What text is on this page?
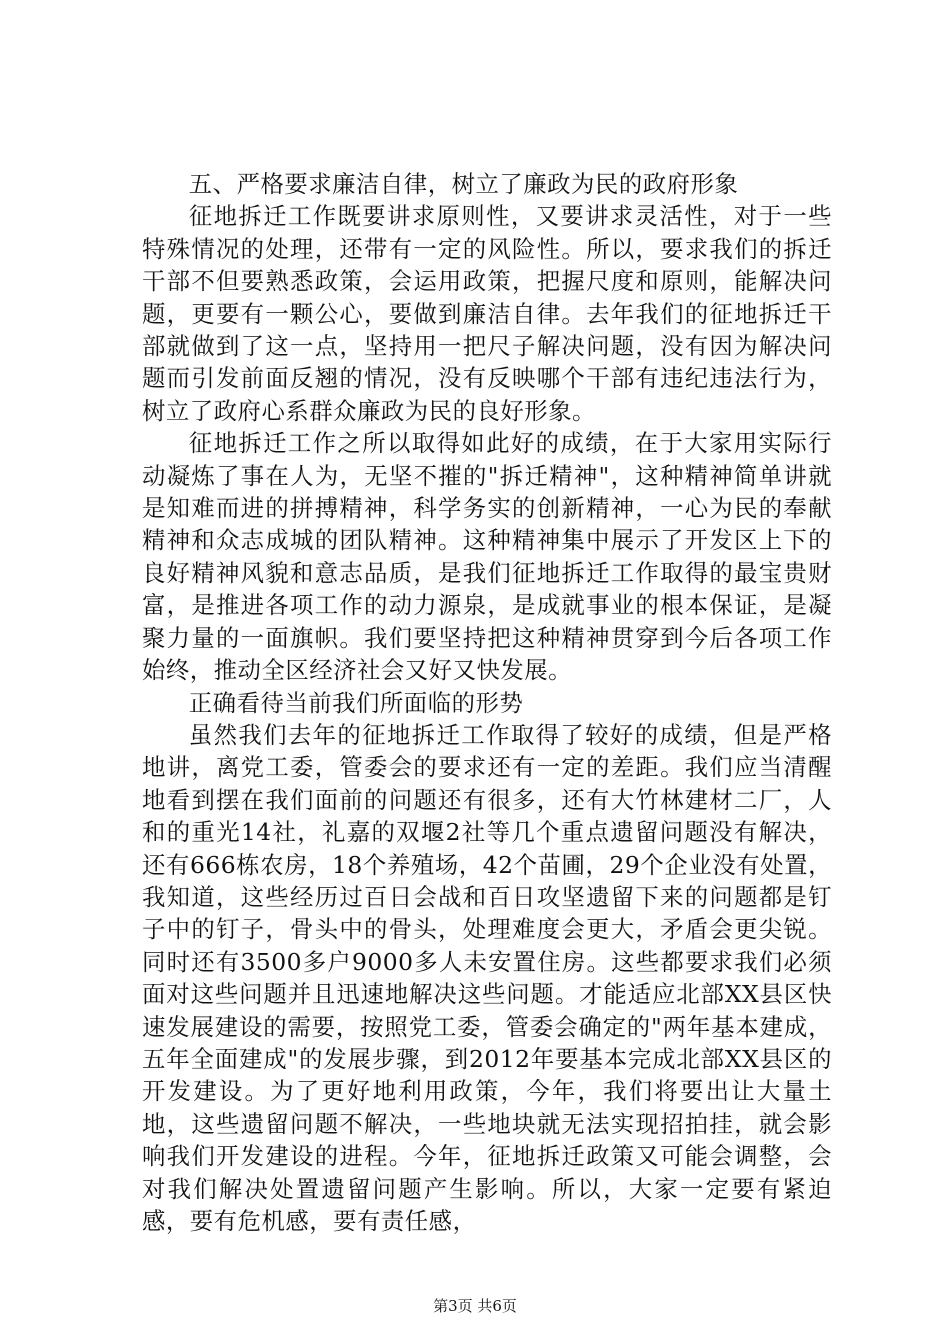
五、严格要求廉洁自律，树立了廉政为民的政府形象

征地拆迁工作既要讲求原则性，又要讲求灵活性，对于一些特殊情况的处理，还带有一定的风险性。所以，要求我们的拆迁干部不但要熟悉政策，会运用政策，把握尺度和原则，能解决问题，更要有一颗公心，要做到廉洁自律。去年我们的征地拆迁干部就做到了这一点，坚持用一把尺子解决问题，没有因为解决问题而引发前面反翘的情况，没有反映哪个干部有违纪违法行为，树立了政府心系群众廉政为民的良好形象。

征地拆迁工作之所以取得如此好的成绩，在于大家用实际行动凝炼了事在人为，无坚不摧的"拆迁精神"，这种精神简单讲就是知难而进的拼搏精神，科学务实的创新精神，一心为民的奉献精神和众志成城的团队精神。这种精神集中展示了开发区上下的良好精神风貌和意志品质，是我们征地拆迁工作取得的最宝贵财富，是推进各项工作的动力源泉，是成就事业的根本保证，是凝聚力量的一面旗帜。我们要坚持把这种精神贯穿到今后各项工作始终，推动全区经济社会又好又快发展。

正确看待当前我们所面临的形势

虽然我们去年的征地拆迁工作取得了较好的成绩，但是严格地讲，离党工委，管委会的要求还有一定的差距。我们应当清醒地看到摆在我们面前的问题还有很多，还有大竹林建材二厂，人和的重光14社，礼嘉的双堰2社等几个重点遗留问题没有解决，还有666栋农房，18个养殖场，42个苗圃，29个企业没有处置，我知道，这些经历过百日会战和百日攻坚遗留下来的问题都是钉子中的钉子，骨头中的骨头，处理难度会更大，矛盾会更尖锐。同时还有3500多户9000多人未安置住房。这些都要求我们必须面对这些问题并且迅速地解决这些问题。才能适应北部XX县区快速发展建设的需要，按照党工委，管委会确定的"两年基本建成，五年全面建成"的发展步骤，到2012年要基本完成北部XX县区的开发建设。为了更好地利用政策，今年，我们将要出让大量土地，这些遗留问题不解决，一些地块就无法实现招拍挂，就会影响我们开发建设的进程。今年，征地拆迁政策又可能会调整，会对我们解决处置遗留问题产生影响。所以，大家一定要有紧迫感，要有危机感，要有责任感，

第3页 共6页
